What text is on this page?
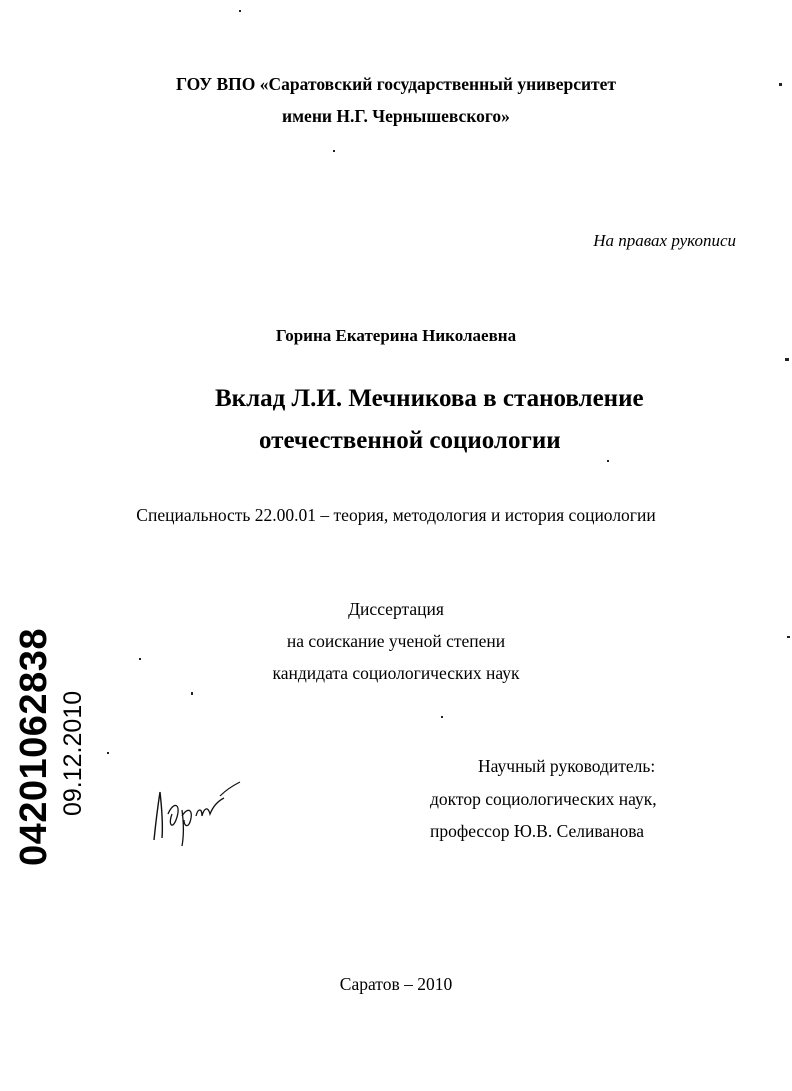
ГОУ ВПО «Саратовский государственный университет
имени Н.Г. Чернышевского»
На правах рукописи
Горина Екатерина Николаевна
Вклад Л.И. Мечникова в становление
отечественной социологии
Специальность 22.00.01 – теория, методология и история социологии
Диссертация
на соискание ученой степени
кандидата социологических наук
Научный руководитель:
доктор социологических наук,
профессор Ю.В. Селиванова
Саратов – 2010
04201062838 09.12.2010
